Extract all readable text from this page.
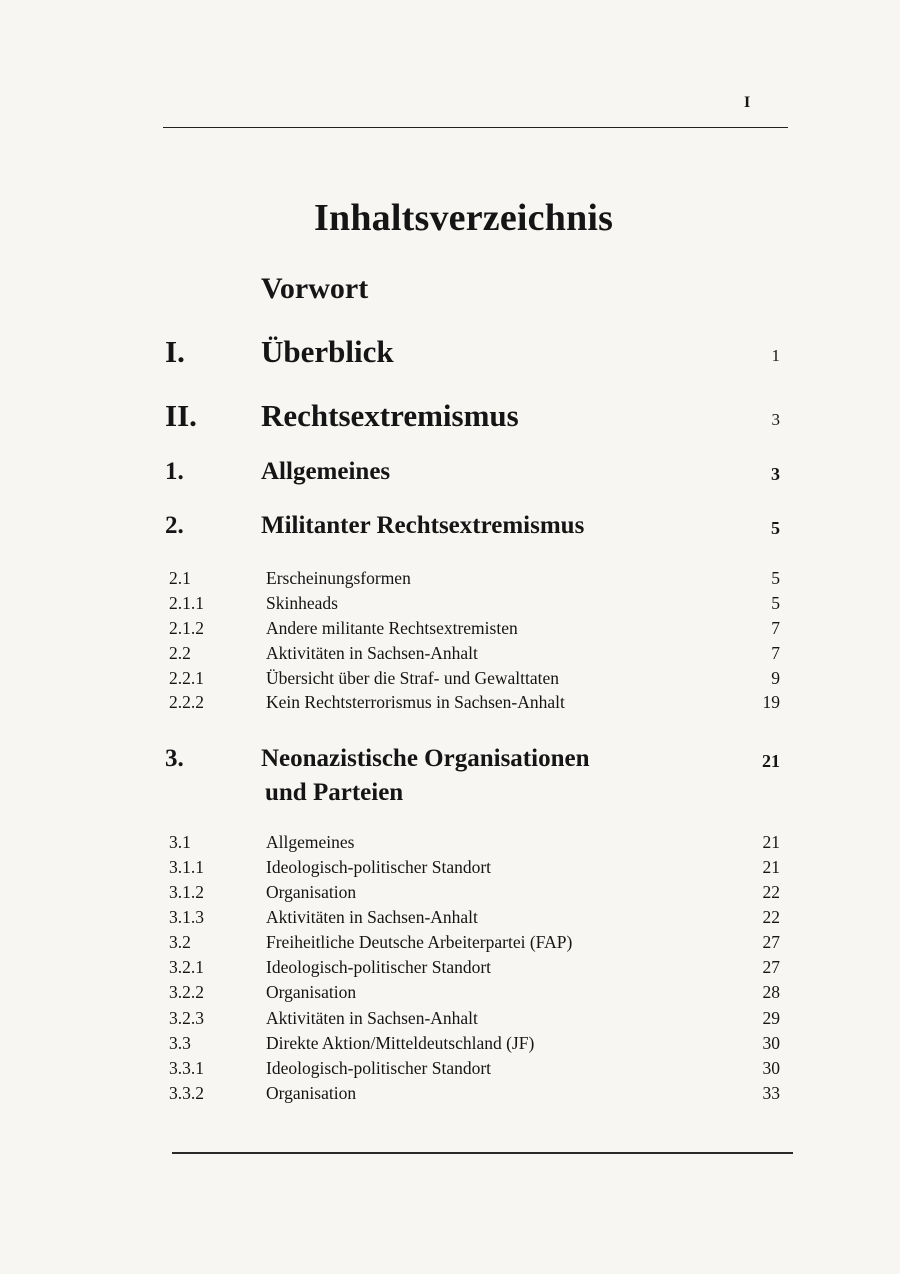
I
Inhaltsverzeichnis
Vorwort
I. Überblick	1
II. Rechtsextremismus	3
1.	Allgemeines	3
2.	Militanter Rechtsextremismus	5
2.1	Erscheinungsformen	5
2.1.1	Skinheads	5
2.1.2	Andere militante Rechtsextremisten	7
2.2	Aktivitäten in Sachsen-Anhalt	7
2.2.1	Übersicht über die Straf- und Gewalttaten	9
2.2.2	Kein Rechtsterrorismus in Sachsen-Anhalt	19
3.	Neonazistische Organisationen	21
und Parteien
3.1	Allgemeines	21
3.1.1	Ideologisch-politischer Standort	21
3.1.2	Organisation	22
3.1.3	Aktivitäten in Sachsen-Anhalt	22
3.2	Freiheitliche Deutsche Arbeiterpartei (FAP)	27
3.2.1	Ideologisch-politischer Standort	27
3.2.2	Organisation	28
3.2.3	Aktivitäten in Sachsen-Anhalt	29
3.3	Direkte Aktion/Mitteldeutschland (JF)	30
3.3.1	Ideologisch-politischer Standort	30
3.3.2	Organisation	33
